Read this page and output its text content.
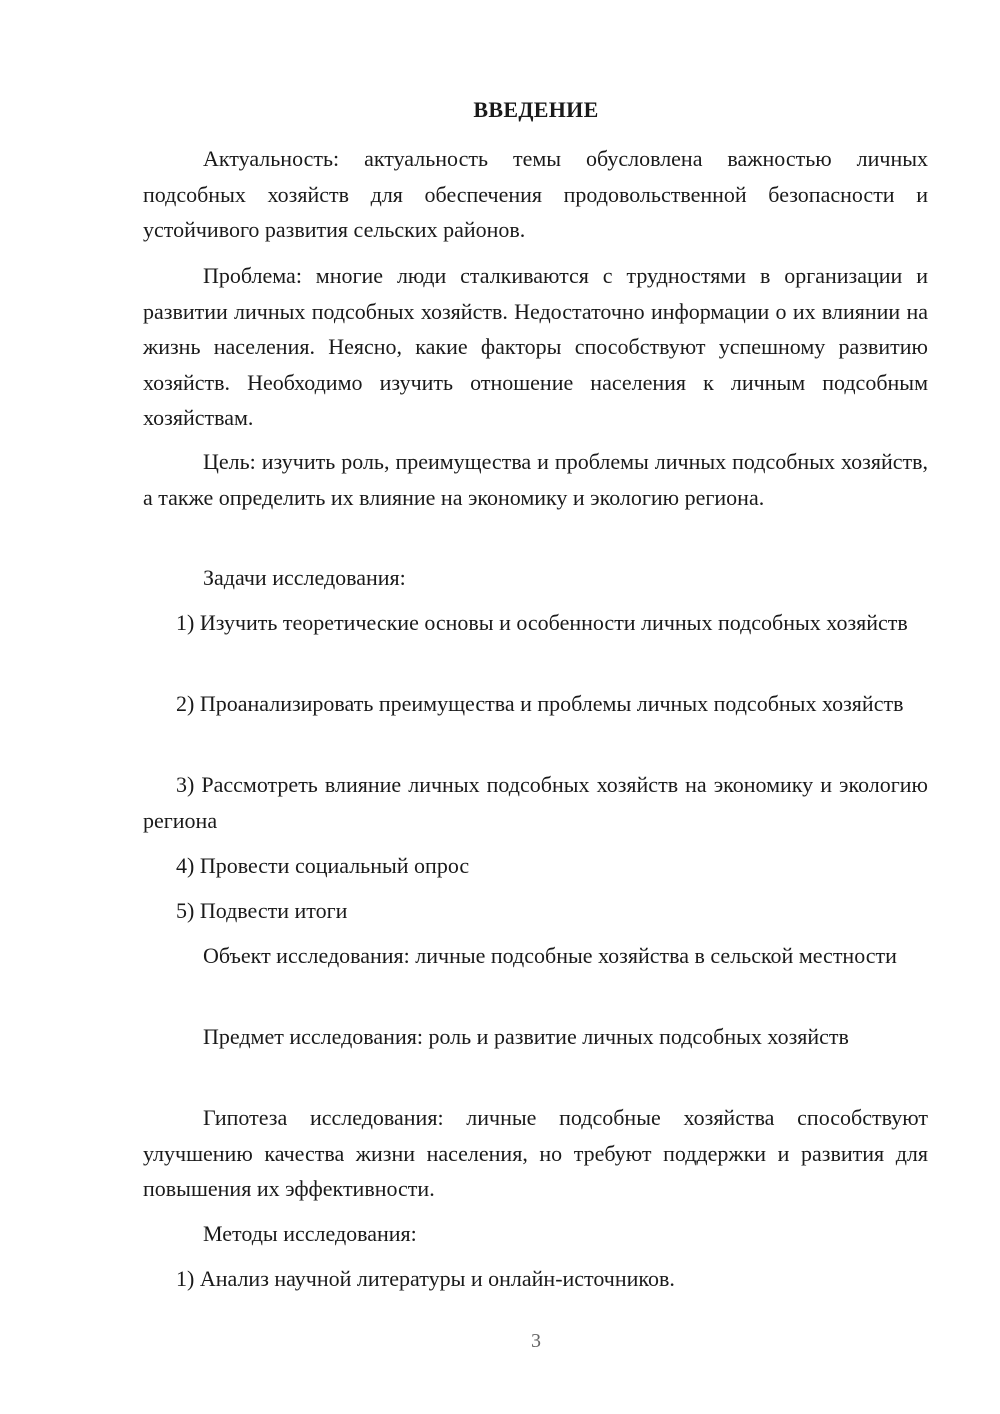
ВВЕДЕНИЕ

Актуальность: актуальность темы обусловлена важностью личных подсобных хозяйств для обеспечения продовольственной безопасности и устойчивого развития сельских районов.

Проблема: многие люди сталкиваются с трудностями в организации и развитии личных подсобных хозяйств. Недостаточно информации о их влиянии на жизнь населения. Неясно, какие факторы способствуют успешному развитию хозяйств. Необходимо изучить отношение населения к личным подсобным хозяйствам.

Цель: изучить роль, преимущества и проблемы личных подсобных хозяйств, а также определить их влияние на экономику и экологию региона.

Задачи исследования:

1) Изучить теоретические основы и особенности личных подсобных хозяйств

2) Проанализировать преимущества и проблемы личных подсобных хозяйств

3) Рассмотреть влияние личных подсобных хозяйств на экономику и экологию региона

4) Провести социальный опрос

5) Подвести итоги

Объект исследования: личные подсобные хозяйства в сельской местности

Предмет исследования: роль и развитие личных подсобных хозяйств

Гипотеза исследования: личные подсобные хозяйства способствуют улучшению качества жизни населения, но требуют поддержки и развития для повышения их эффективности.

Методы исследования:

1) Анализ научной литературы и онлайн-источников.

3
